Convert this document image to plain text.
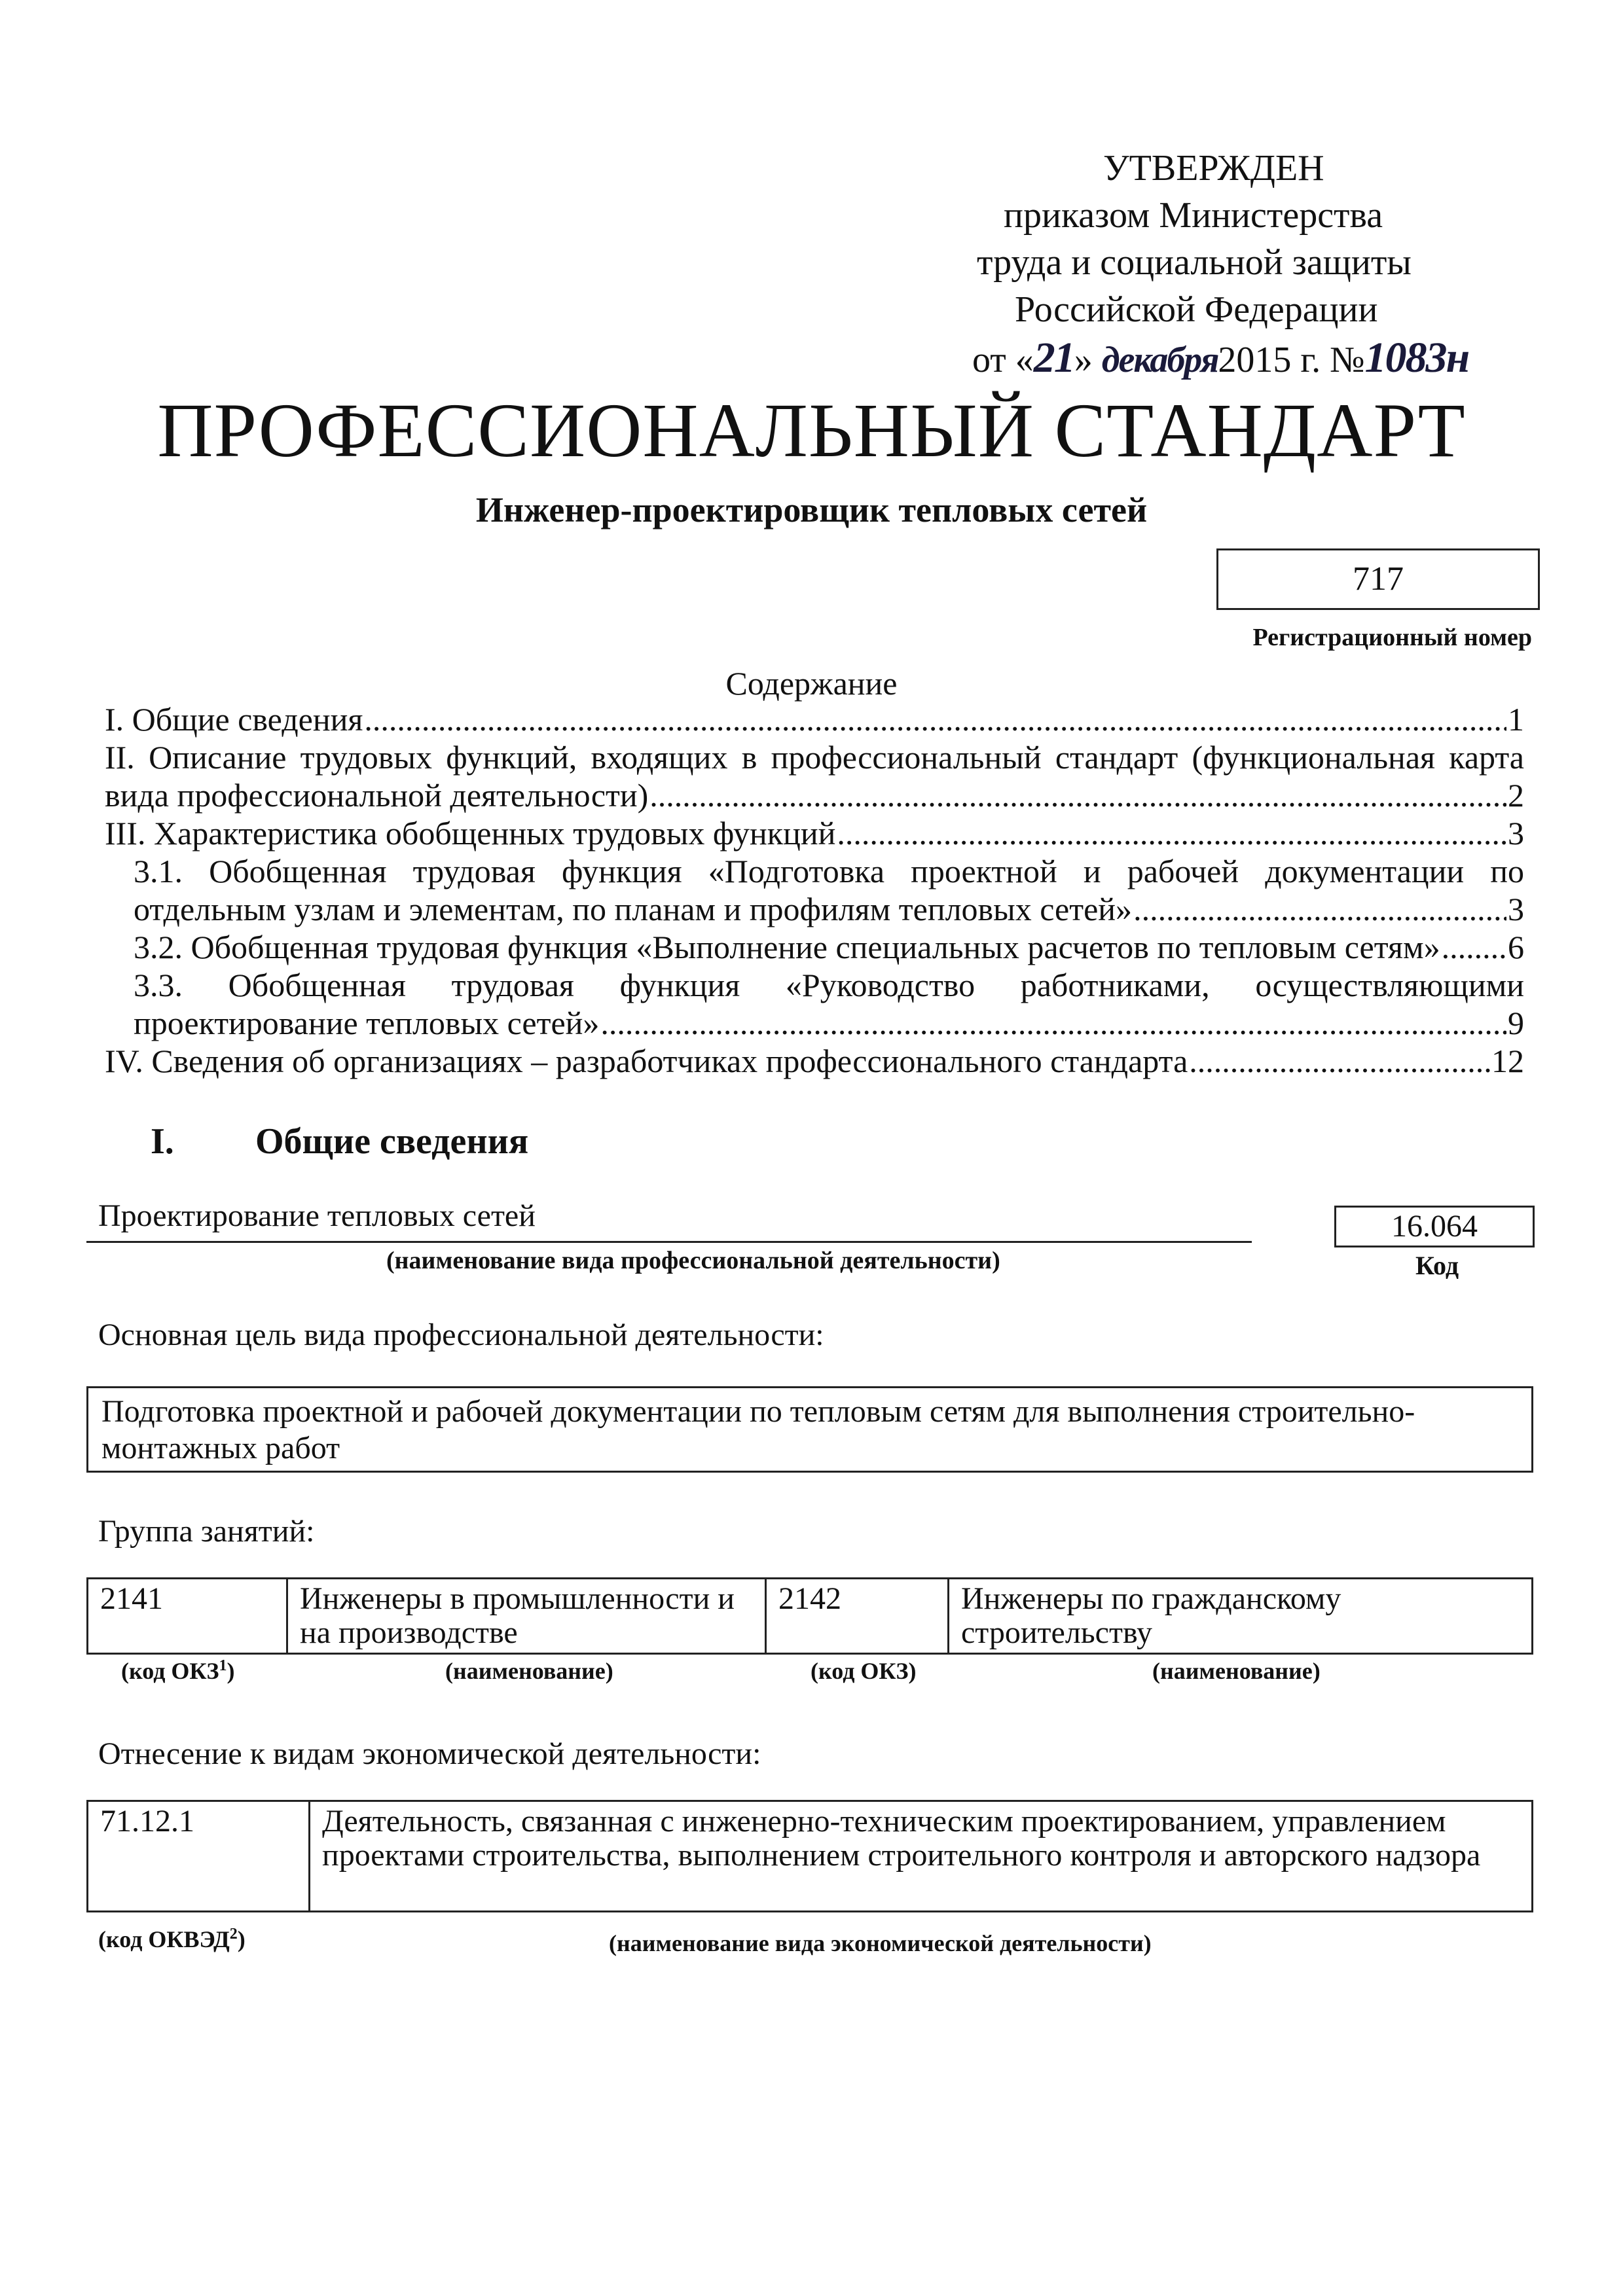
УТВЕРЖДЕН
приказом Министерства
труда и социальной защиты
Российской Федерации
от «21» декабря2015 г. №1083н
ПРОФЕССИОНАЛЬНЫЙ СТАНДАРТ
Инженер-проектировщик тепловых сетей
717
Регистрационный номер
Содержание
I. Общие сведения .....	1
II. Описание трудовых функций, входящих в профессиональный стандарт (функциональная карта
вида профессиональной деятельности) .....	2
III. Характеристика обобщенных трудовых функций .....	3
3.1. Обобщенная трудовая функция «Подготовка проектной и рабочей документации по
отдельным узлам и элементам, по планам и профилям тепловых сетей» .....	3
3.2. Обобщенная трудовая функция «Выполнение специальных расчетов по тепловым сетям» ..... 6
3.3. Обобщенная трудовая функция «Руководство работниками, осуществляющими
проектирование тепловых сетей» .....	9
IV. Сведения об организациях – разработчиках профессионального стандарта .....	12
I. Общие сведения
Проектирование тепловых сетей
(наименование вида профессиональной деятельности)
16.064
Код
Основная цель вида профессиональной деятельности:
Подготовка проектной и рабочей документации по тепловым сетям для выполнения строительно-монтажных работ
Группа занятий:
2141	Инженеры в промышленности и на производстве	2142	Инженеры по гражданскому строительству
(код ОКЗ$^1$)	(наименование)	(код ОКЗ)	(наименование)
Отнесение к видам экономической деятельности:
71.12.1	Деятельность, связанная с инженерно-техническим проектированием, управлением проектами строительства, выполнением строительного контроля и авторского надзора
(код ОКВЭД$^2$)	(наименование вида экономической деятельности)
